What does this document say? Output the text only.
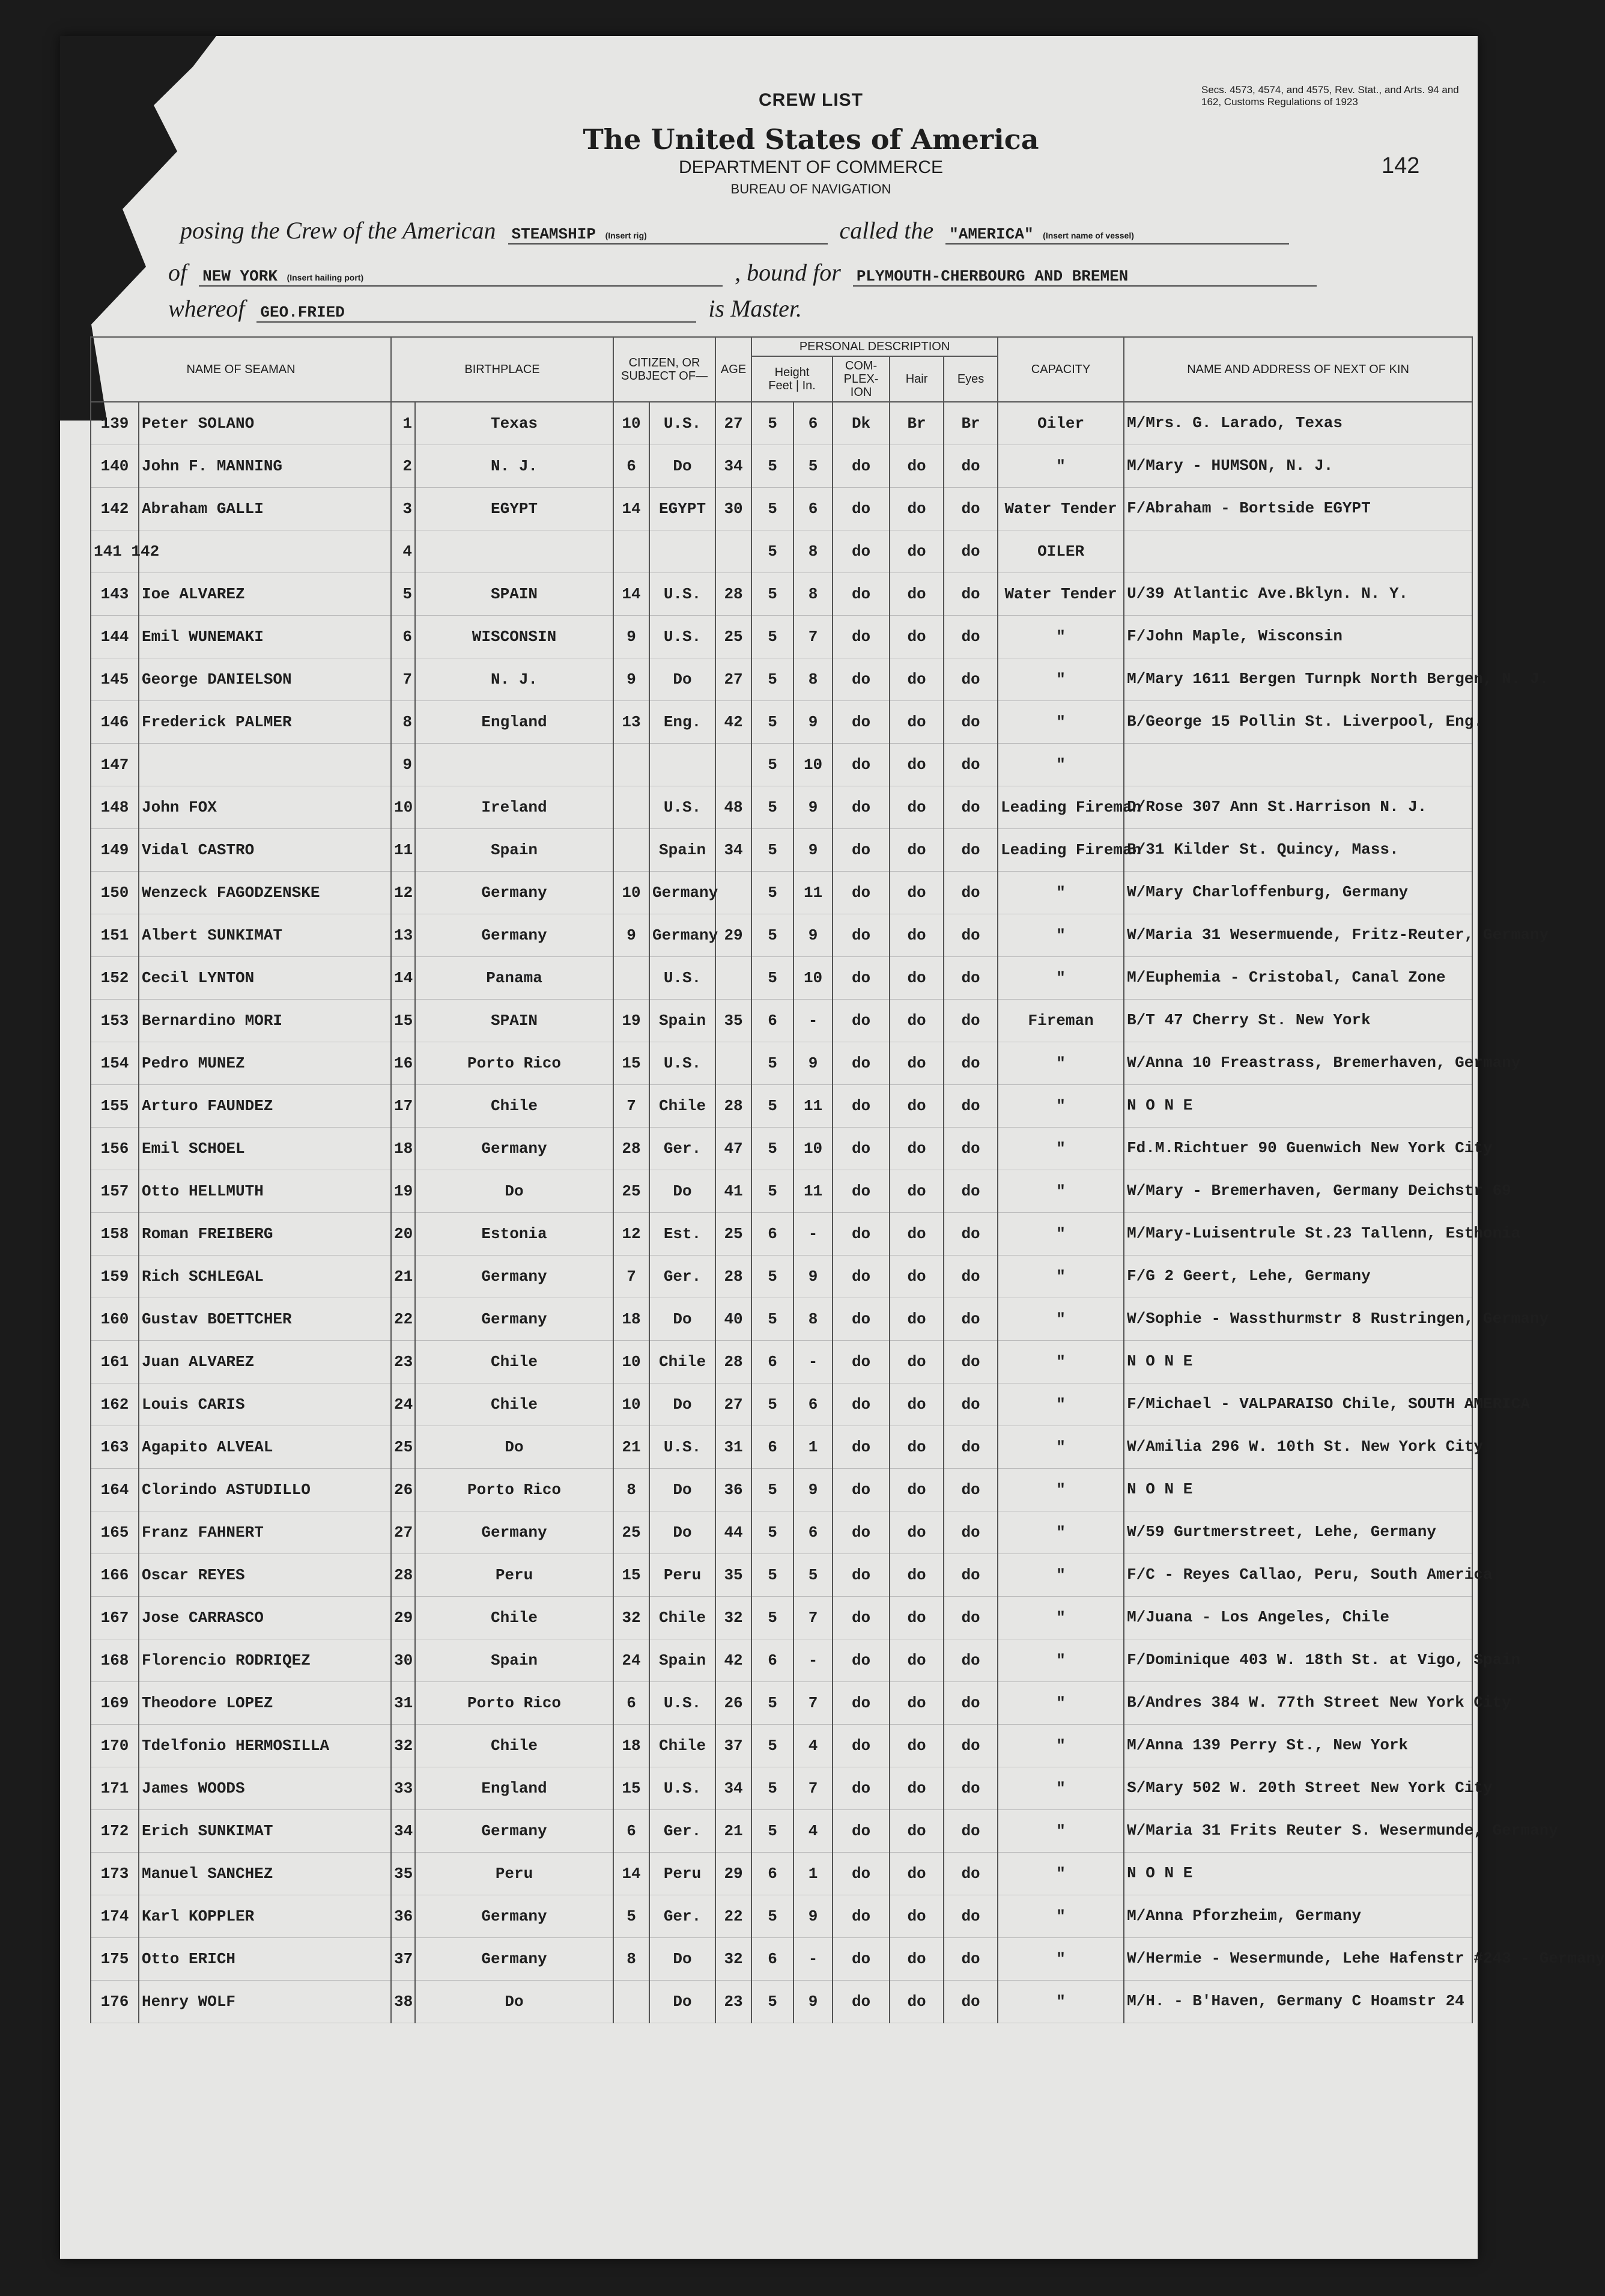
CREW LIST
The United States of America
DEPARTMENT OF COMMERCE
BUREAU OF NAVIGATION
Secs. 4573, 4574, and 4575, Rev. Stat., and Arts. 94 and 162, Customs Regulations of 1923
142
posing the Crew of the American STEAMSHIP (Insert rig)	called the "AMERICA" (Insert name of vessel)
of NEW YORK (Insert hailing port)	, bound for PLYMOUTH-CHERBOURG AND BREMEN
whereof GEO.FRIED	is Master.
NAME OF SEAMAN		BIRTHPLACE		CITIZEN, OR SUBJECT OF—		AGE	PERSONAL DESCRIPTION					CAPACITY	NAME AND ADDRESS OF NEXT OF KIN
							Height
Feet | In.		COM-PLEX-ION	Hair	Eyes		
139	Peter SOLANO	1	Texas	10	U.S.	27	5	6	Dk	Br	Br	Oiler	M/Mrs. G. Larado, Texas
140	John F. MANNING	2	N. J.	6	Do	34	5	5	do	do	do	"	M/Mary - HUMSON, N. J.
142	Abraham GALLI	3	EGYPT	14	EGYPT	30	5	6	do	do	do	Water Tender	F/Abraham - Bortside EGYPT
141 142		4					5	8	do	do	do	OILER	
143	Ioe ALVAREZ	5	SPAIN	14	U.S.	28	5	8	do	do	do	Water Tender	U/39 Atlantic Ave.Bklyn. N. Y.
144	Emil WUNEMAKI	6	WISCONSIN	9	U.S.	25	5	7	do	do	do	"	F/John Maple, Wisconsin
145	George DANIELSON	7	N. J.	9	Do	27	5	8	do	do	do	"	M/Mary 1611 Bergen Turnpk North Bergen, N. J.
146	Frederick PALMER	8	England	13	Eng.	42	5	9	do	do	do	"	B/George 15 Pollin St. Liverpool, Eng.
147		9					5	10	do	do	do	"	
148	John FOX	10	Ireland		U.S.	48	5	9	do	do	do	Leading Fireman	D/Rose 307 Ann St.Harrison N. J.
149	Vidal CASTRO	11	Spain		Spain	34	5	9	do	do	do	Leading Fireman	B/31 Kilder St. Quincy, Mass.
150	Wenzeck FAGODZENSKE	12	Germany	10	Germany		5	11	do	do	do	"	W/Mary Charloffenburg, Germany
151	Albert SUNKIMAT	13	Germany	9	Germany	29	5	9	do	do	do	"	W/Maria 31 Wesermuende, Fritz-Reuter, Germany
152	Cecil LYNTON	14	Panama		U.S.		5	10	do	do	do	"	M/Euphemia - Cristobal, Canal Zone
153	Bernardino MORI	15	SPAIN	19	Spain	35	6	-	do	do	do	Fireman	B/T 47 Cherry St. New York
154	Pedro MUNEZ	16	Porto Rico	15	U.S.		5	9	do	do	do	"	W/Anna 10 Freastrass, Bremerhaven, Germany
155	Arturo FAUNDEZ	17	Chile	7	Chile	28	5	11	do	do	do	"	N O N E
156	Emil SCHOEL	18	Germany	28	Ger.	47	5	10	do	do	do	"	Fd.M.Richtuer 90 Guenwich New York City
157	Otto HELLMUTH	19	Do	25	Do	41	5	11	do	do	do	"	W/Mary - Bremerhaven, Germany Deichstr 69
158	Roman FREIBERG	20	Estonia	12	Est.	25	6	-	do	do	do	"	M/Mary-Luisentrule St.23 Tallenn, Esthonia
159	Rich SCHLEGAL	21	Germany	7	Ger.	28	5	9	do	do	do	"	F/G 2 Geert, Lehe, Germany
160	Gustav BOETTCHER	22	Germany	18	Do	40	5	8	do	do	do	"	W/Sophie - Wassthurmstr 8 Rustringen, Germany
161	Juan ALVAREZ	23	Chile	10	Chile	28	6	-	do	do	do	"	N O N E
162	Louis CARIS	24	Chile	10	Do	27	5	6	do	do	do	"	F/Michael - VALPARAISO Chile, SOUTH AMERICA
163	Agapito ALVEAL	25	Do	21	U.S.	31	6	1	do	do	do	"	W/Amilia 296 W. 10th St. New York City
164	Clorindo ASTUDILLO	26	Porto Rico	8	Do	36	5	9	do	do	do	"	N O N E
165	Franz FAHNERT	27	Germany	25	Do	44	5	6	do	do	do	"	W/59 Gurtmerstreet, Lehe, Germany
166	Oscar REYES	28	Peru	15	Peru	35	5	5	do	do	do	"	F/C - Reyes Callao, Peru, South America
167	Jose CARRASCO	29	Chile	32	Chile	32	5	7	do	do	do	"	M/Juana - Los Angeles, Chile
168	Florencio RODRIQEZ	30	Spain	24	Spain	42	6	-	do	do	do	"	F/Dominique 403 W. 18th St. at Vigo, Spain
169	Theodore LOPEZ	31	Porto Rico	6	U.S.	26	5	7	do	do	do	"	B/Andres 384 W. 77th Street New York City
170	Tdelfonio HERMOSILLA	32	Chile	18	Chile	37	5	4	do	do	do	"	M/Anna 139 Perry St., New York
171	James WOODS	33	England	15	U.S.	34	5	7	do	do	do	"	S/Mary 502 W. 20th Street New York City
172	Erich SUNKIMAT	34	Germany	6	Ger.	21	5	4	do	do	do	"	W/Maria 31 Frits Reuter S. Wesermunde, Germany
173	Manuel SANCHEZ	35	Peru	14	Peru	29	6	1	do	do	do	"	N O N E
174	Karl KOPPLER	36	Germany	5	Ger.	22	5	9	do	do	do	"	M/Anna Pforzheim, Germany
175	Otto ERICH	37	Germany	8	Do	32	6	-	do	do	do	"	W/Hermie - Wesermunde, Lehe Hafenstr #243 - Germany
176	Henry WOLF	38	Do		Do	23	5	9	do	do	do	"	M/H. - B'Haven, Germany C Hoamstr 24
